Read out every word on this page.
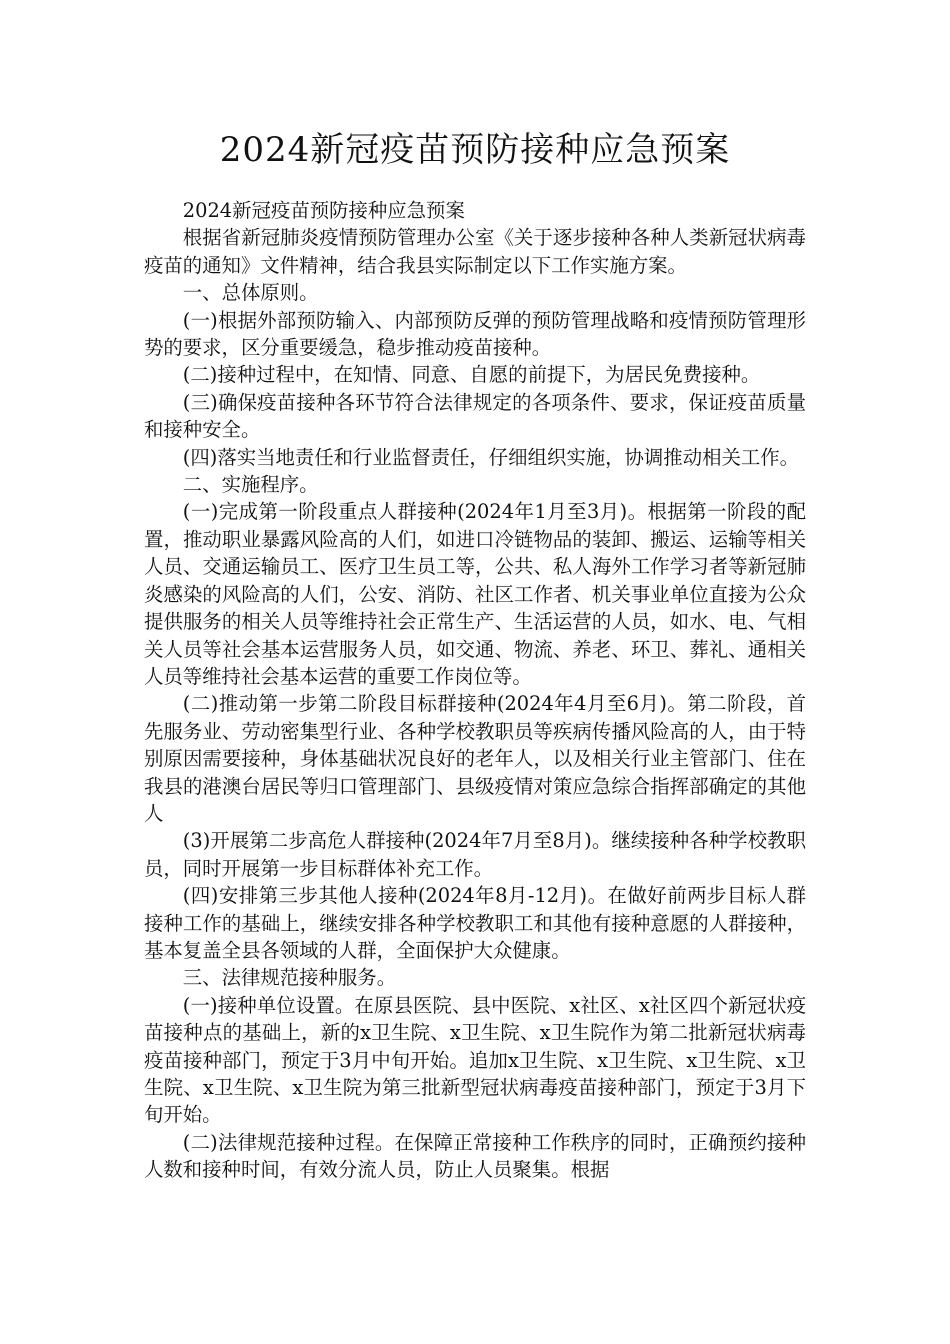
2024新冠疫苗预防接种应急预案

2024新冠疫苗预防接种应急预案

根据省新冠肺炎疫情预防管理办公室《关于逐步接种各种人类新冠状病毒疫苗的通知》文件精神，结合我县实际制定以下工作实施方案。

一、总体原则。

(一)根据外部预防输入、内部预防反弹的预防管理战略和疫情预防管理形势的要求，区分重要缓急，稳步推动疫苗接种。

(二)接种过程中，在知情、同意、自愿的前提下，为居民免费接种。

(三)确保疫苗接种各环节符合法律规定的各项条件、要求，保证疫苗质量和接种安全。

(四)落实当地责任和行业监督责任，仔细组织实施，协调推动相关工作。

二、实施程序。

(一)完成第一阶段重点人群接种(2024年1月至3月)。根据第一阶段的配置，推动职业暴露风险高的人们，如进口冷链物品的装卸、搬运、运输等相关人员、交通运输员工、医疗卫生员工等，公共、私人海外工作学习者等新冠肺炎感染的风险高的人们，公安、消防、社区工作者、机关事业单位直接为公众提供服务的相关人员等维持社会正常生产、生活运营的人员，如水、电、气相关人员等社会基本运营服务人员，如交通、物流、养老、环卫、葬礼、通相关人员等维持社会基本运营的重要工作岗位等。

(二)推动第一步第二阶段目标群接种(2024年4月至6月)。第二阶段，首先服务业、劳动密集型行业、各种学校教职员等疾病传播风险高的人，由于特别原因需要接种，身体基础状况良好的老年人，以及相关行业主管部门、住在我县的港澳台居民等归口管理部门、县级疫情对策应急综合指挥部确定的其他人

(3)开展第二步高危人群接种(2024年7月至8月)。继续接种各种学校教职员，同时开展第一步目标群体补充工作。

(四)安排第三步其他人接种(2024年8月-12月)。在做好前两步目标人群接种工作的基础上，继续安排各种学校教职工和其他有接种意愿的人群接种，基本复盖全县各领域的人群，全面保护大众健康。

三、法律规范接种服务。

(一)接种单位设置。在原县医院、县中医院、x社区、x社区四个新冠状疫苗接种点的基础上，新的x卫生院、x卫生院、x卫生院作为第二批新冠状病毒疫苗接种部门，预定于3月中旬开始。追加x卫生院、x卫生院、x卫生院、x卫生院、x卫生院、x卫生院为第三批新型冠状病毒疫苗接种部门，预定于3月下旬开始。

(二)法律规范接种过程。在保障正常接种工作秩序的同时，正确预约接种人数和接种时间，有效分流人员，防止人员聚集。根据
